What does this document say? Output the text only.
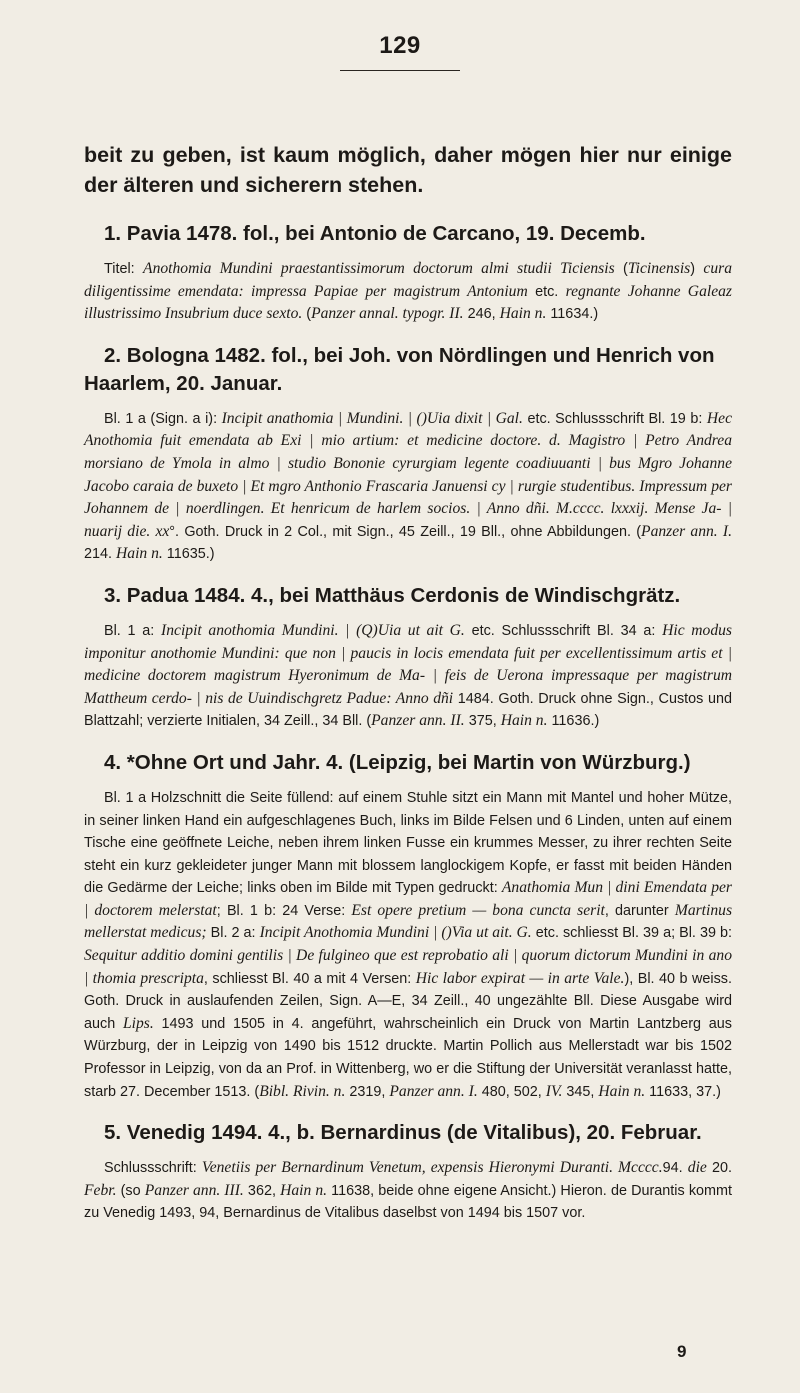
129

beit zu geben, ist kaum möglich, daher mögen hier nur einige der älteren und sicherern stehen.

1. Pavia 1478. fol., bei Antonio de Carcano, 19. Decemb.

Titel: Anothomia Mundini praestantissimorum doctorum almi studii Ticiensis (Ticinensis) cura diligentissime emendata: impressa Papiae per magistrum Antonium etc. regnante Johanne Galeaz illustrissimo Insubrium duce sexto. (Panzer annal. typogr. II. 246, Hain n. 11634.)

2. Bologna 1482. fol., bei Joh. von Nördlingen und Henrich von Haarlem, 20. Januar.

Bl. 1 a (Sign. a i): Incipit anathomia | Mundini. | ()Uia dixit | Gal. etc. Schlussschrift Bl. 19 b: Hec Anothomia fuit emendata ab Exi | mio artium: et medicine doctore. d. Magistro | Petro Andrea morsiano de Ymola in almo | studio Bononie cyrurgiam legente coadiuuanti | bus Mgro Johanne Jacobo caraia de buxeto | Et mgro Anthonio Frascaria Januensi cy | rurgie studentibus. Impressum per Johannem de | noerdlingen. Et henricum de harlem socios. | Anno dñi. M.cccc. lxxxij. Mense Ja- | nuarij die. xx°. Goth. Druck in 2 Col., mit Sign., 45 Zeill., 19 Bll., ohne Abbildungen. (Panzer ann. I. 214. Hain n. 11635.)

3. Padua 1484. 4., bei Matthäus Cerdonis de Windischgrätz.

Bl. 1 a: Incipit anothomia Mundini. | (Q)Uia ut ait G. etc. Schlussschrift Bl. 34 a: Hic modus imponitur anothomie Mundini: que non | paucis in locis emendata fuit per excellentissimum artis et | medicine doctorem magistrum Hyeronimum de Ma- | feis de Uerona impressaque per magistrum Mattheum cerdo- | nis de Uuindischgretz Padue: Anno dñi 1484. Goth. Druck ohne Sign., Custos und Blattzahl; verzierte Initialen, 34 Zeill., 34 Bll. (Panzer ann. II. 375, Hain n. 11636.)

4. *Ohne Ort und Jahr. 4. (Leipzig, bei Martin von Würzburg.)

Bl. 1 a Holzschnitt die Seite füllend: auf einem Stuhle sitzt ein Mann mit Mantel und hoher Mütze, in seiner linken Hand ein aufgeschlagenes Buch, links im Bilde Felsen und 6 Linden, unten auf einem Tische eine geöffnete Leiche, neben ihrem linken Fusse ein krummes Messer, zu ihrer rechten Seite steht ein kurz gekleideter junger Mann mit blossem langlockigem Kopfe, er fasst mit beiden Händen die Gedärme der Leiche; links oben im Bilde mit Typen gedruckt: Anathomia Mun | dini Emendata per | doctorem melerstat; Bl. 1 b: 24 Verse: Est opere pretium — bona cuncta serit, darunter Martinus mellerstat medicus; Bl. 2 a: Incipit Anothomia Mundini | ()Via ut ait. G. etc. schliesst Bl. 39 a; Bl. 39 b: Sequitur additio domini gentilis | De fulgineo que est reprobatio ali | quorum dictorum Mundini in ano | thomia prescripta, schliesst Bl. 40 a mit 4 Versen: Hic labor expirat — in arte Vale.), Bl. 40 b weiss. Goth. Druck in auslaufenden Zeilen, Sign. A—E, 34 Zeill., 40 ungezählte Bll. Diese Ausgabe wird auch Lips. 1493 und 1505 in 4. angeführt, wahrscheinlich ein Druck von Martin Lantzberg aus Würzburg, der in Leipzig von 1490 bis 1512 druckte. Martin Pollich aus Mellerstadt war bis 1502 Professor in Leipzig, von da an Prof. in Wittenberg, wo er die Stiftung der Universität veranlasst hatte, starb 27. December 1513. (Bibl. Rivin. n. 2319, Panzer ann. I. 480, 502, IV. 345, Hain n. 11633, 37.)

5. Venedig 1494. 4., b. Bernardinus (de Vitalibus), 20. Februar.

Schlussschrift: Venetiis per Bernardinum Venetum, expensis Hieronymi Duranti. Mcccc.94. die 20. Febr. (so Panzer ann. III. 362, Hain n. 11638, beide ohne eigene Ansicht.) Hieron. de Durantis kommt zu Venedig 1493, 94, Bernardinus de Vitalibus daselbst von 1494 bis 1507 vor.

9
